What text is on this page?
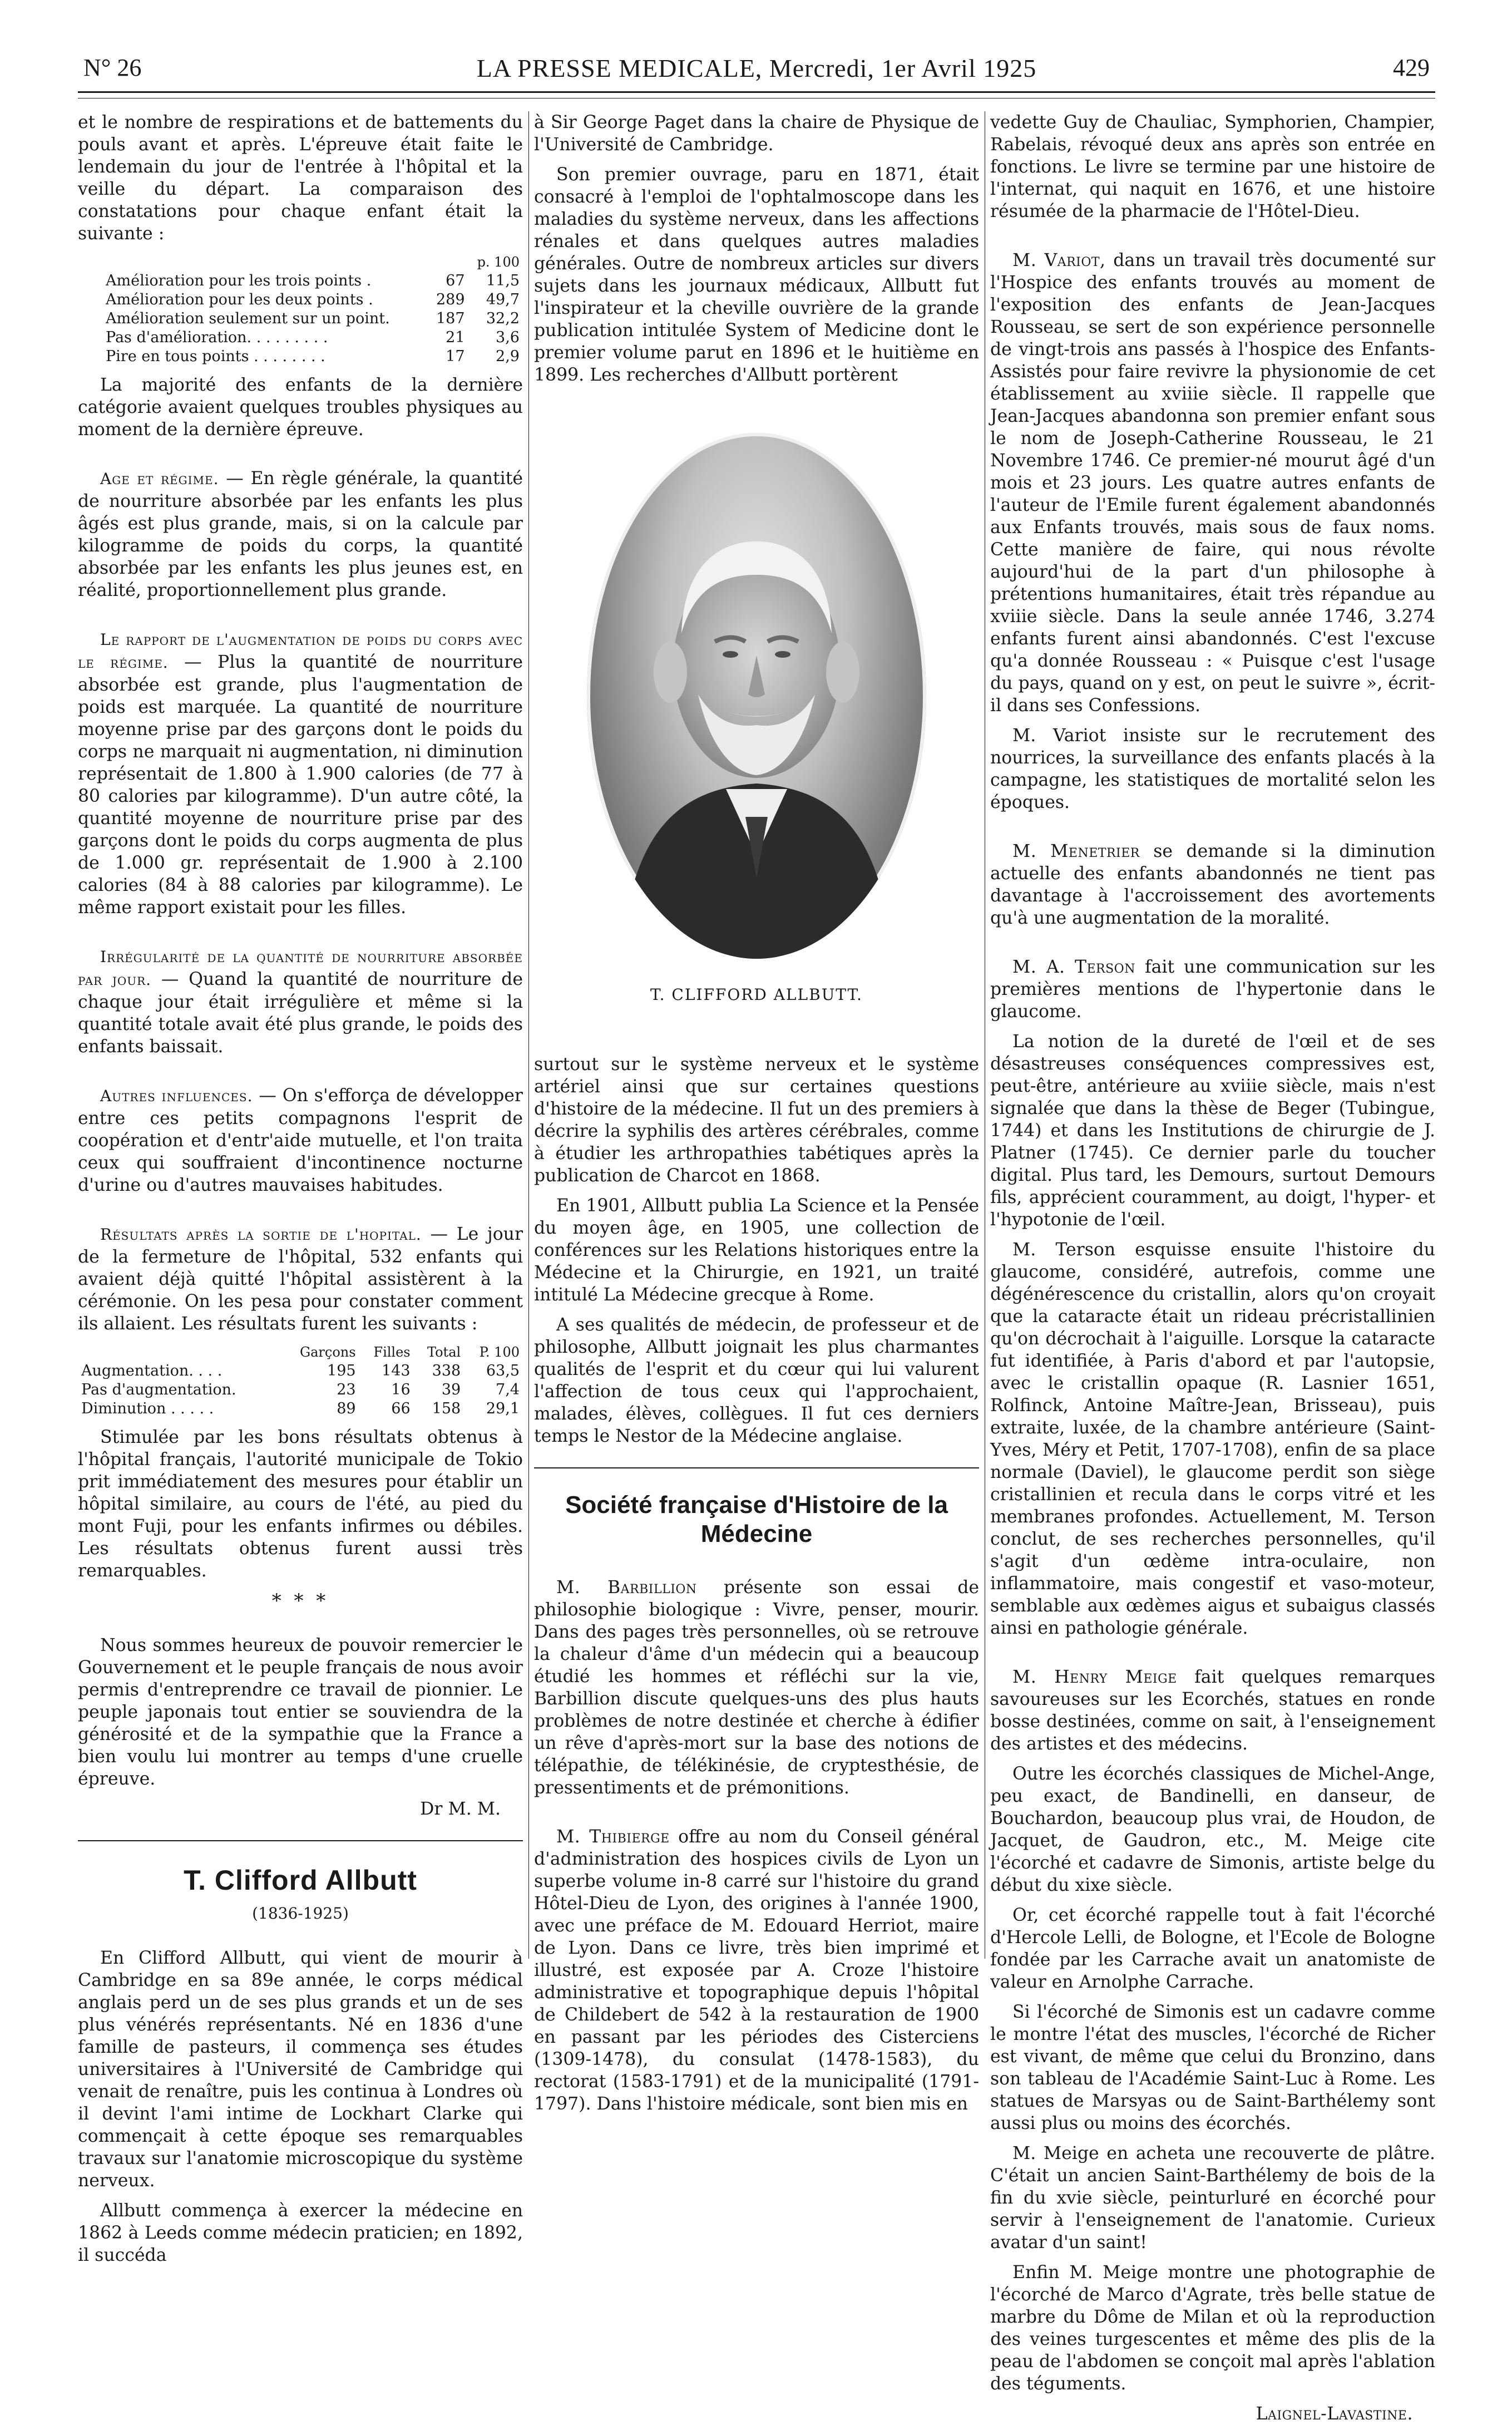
N° 26	LA PRESSE MEDICALE, Mercredi, 1er Avril 1925	429

et le nombre de respirations et de battements du pouls avant et après. L'épreuve était faite le lendemain du jour de l'entrée à l'hôpital et la veille du départ. La comparaison des constatations pour chaque enfant était la suivante :

		p. 100
Amélioration pour les trois points .	67	11,5
Amélioration pour les deux points .	289	49,7
Amélioration seulement sur un point.	187	32,2
Pas d'amélioration. . . . . . . . .	21	3,6
Pire en tous points . . . . . . . .	17	2,9

La majorité des enfants de la dernière catégorie avaient quelques troubles physiques au moment de la dernière épreuve.

Age et régime. — En règle générale, la quantité de nourriture absorbée par les enfants les plus âgés est plus grande, mais, si on la calcule par kilogramme de poids du corps, la quantité absorbée par les enfants les plus jeunes est, en réalité, proportionnellement plus grande.

Le rapport de l'augmentation de poids du corps avec le régime. — Plus la quantité de nourriture absorbée est grande, plus l'augmentation de poids est marquée. La quantité de nourriture moyenne prise par des garçons dont le poids du corps ne marquait ni augmentation, ni diminution représentait de 1.800 à 1.900 calories (de 77 à 80 calories par kilogramme). D'un autre côté, la quantité moyenne de nourriture prise par des garçons dont le poids du corps augmenta de plus de 1.000 gr. représentait de 1.900 à 2.100 calories (84 à 88 calories par kilogramme). Le même rapport existait pour les filles.

Irrégularité de la quantité de nourriture absorbée par jour. — Quand la quantité de nourriture de chaque jour était irrégulière et même si la quantité totale avait été plus grande, le poids des enfants baissait.

Autres influences. — On s'efforça de développer entre ces petits compagnons l'esprit de coopération et d'entr'aide mutuelle, et l'on traita ceux qui souffraient d'incontinence nocturne d'urine ou d'autres mauvaises habitudes.

Résultats après la sortie de l'hopital. — Le jour de la fermeture de l'hôpital, 532 enfants qui avaient déjà quitté l'hôpital assistèrent à la cérémonie. On les pesa pour constater comment ils allaient. Les résultats furent les suivants :

	Garçons	Filles	Total	P. 100
Augmentation. . . .	195	143	338	63,5
Pas d'augmentation.	23	16	39	7,4
Diminution . . . . .	89	66	158	29,1

Stimulée par les bons résultats obtenus à l'hôpital français, l'autorité municipale de Tokio prit immédiatement des mesures pour établir un hôpital similaire, au cours de l'été, au pied du mont Fuji, pour les enfants infirmes ou débiles. Les résultats obtenus furent aussi très remarquables.

* * *

Nous sommes heureux de pouvoir remercier le Gouvernement et le peuple français de nous avoir permis d'entreprendre ce travail de pionnier. Le peuple japonais tout entier se souviendra de la générosité et de la sympathie que la France a bien voulu lui montrer au temps d'une cruelle épreuve.

Dr M. M.
T. Clifford Allbutt
(1836-1925)

En Clifford Allbutt, qui vient de mourir à Cambridge en sa 89e année, le corps médical anglais perd un de ses plus grands et un de ses plus vénérés représentants. Né en 1836 d'une famille de pasteurs, il commença ses études universitaires à l'Université de Cambridge qui venait de renaître, puis les continua à Londres où il devint l'ami intime de Lockhart Clarke qui commençait à cette époque ses remarquables travaux sur l'anatomie microscopique du système nerveux.

Allbutt commença à exercer la médecine en 1862 à Leeds comme médecin praticien; en 1892, il succéda

à Sir George Paget dans la chaire de Physique de l'Université de Cambridge.

Son premier ouvrage, paru en 1871, était consacré à l'emploi de l'ophtalmoscope dans les maladies du système nerveux, dans les affections rénales et dans quelques autres maladies générales. Outre de nombreux articles sur divers sujets dans les journaux médicaux, Allbutt fut l'inspirateur et la cheville ouvrière de la grande publication intitulée System of Medicine dont le premier volume parut en 1896 et le huitième en 1899. Les recherches d'Allbutt portèrent

T. CLIFFORD ALLBUTT.

surtout sur le système nerveux et le système artériel ainsi que sur certaines questions d'histoire de la médecine. Il fut un des premiers à décrire la syphilis des artères cérébrales, comme à étudier les arthropathies tabétiques après la publication de Charcot en 1868.

En 1901, Allbutt publia La Science et la Pensée du moyen âge, en 1905, une collection de conférences sur les Relations historiques entre la Médecine et la Chirurgie, en 1921, un traité intitulé La Médecine grecque à Rome.

A ses qualités de médecin, de professeur et de philosophe, Allbutt joignait les plus charmantes qualités de l'esprit et du cœur qui lui valurent l'affection de tous ceux qui l'approchaient, malades, élèves, collègues. Il fut ces derniers temps le Nestor de la Médecine anglaise.

Société française d'Histoire de la Médecine

M. Barbillion présente son essai de philosophie biologique : Vivre, penser, mourir. Dans des pages très personnelles, où se retrouve la chaleur d'âme d'un médecin qui a beaucoup étudié les hommes et réfléchi sur la vie, Barbillion discute quelques-uns des plus hauts problèmes de notre destinée et cherche à édifier un rêve d'après-mort sur la base des notions de télépathie, de télékinésie, de cryptesthésie, de pressentiments et de prémonitions.

M. Thibierge offre au nom du Conseil général d'administration des hospices civils de Lyon un superbe volume in-8 carré sur l'histoire du grand Hôtel-Dieu de Lyon, des origines à l'année 1900, avec une préface de M. Edouard Herriot, maire de Lyon. Dans ce livre, très bien imprimé et illustré, est exposée par A. Croze l'histoire administrative et topographique depuis l'hôpital de Childebert de 542 à la restauration de 1900 en passant par les périodes des Cisterciens (1309-1478), du consulat (1478-1583), du rectorat (1583-1791) et de la municipalité (1791-1797). Dans l'histoire médicale, sont bien mis en

vedette Guy de Chauliac, Symphorien, Champier, Rabelais, révoqué deux ans après son entrée en fonctions. Le livre se termine par une histoire de l'internat, qui naquit en 1676, et une histoire résumée de la pharmacie de l'Hôtel-Dieu.

M. Variot, dans un travail très documenté sur l'Hospice des enfants trouvés au moment de l'exposition des enfants de Jean-Jacques Rousseau, se sert de son expérience personnelle de vingt-trois ans passés à l'hospice des Enfants-Assistés pour faire revivre la physionomie de cet établissement au xviiie siècle. Il rappelle que Jean-Jacques abandonna son premier enfant sous le nom de Joseph-Catherine Rousseau, le 21 Novembre 1746. Ce premier-né mourut âgé d'un mois et 23 jours. Les quatre autres enfants de l'auteur de l'Emile furent également abandonnés aux Enfants trouvés, mais sous de faux noms. Cette manière de faire, qui nous révolte aujourd'hui de la part d'un philosophe à prétentions humanitaires, était très répandue au xviiie siècle. Dans la seule année 1746, 3.274 enfants furent ainsi abandonnés. C'est l'excuse qu'a donnée Rousseau : « Puisque c'est l'usage du pays, quand on y est, on peut le suivre », écrit-il dans ses Confessions.

M. Variot insiste sur le recrutement des nourrices, la surveillance des enfants placés à la campagne, les statistiques de mortalité selon les époques.

M. Menetrier se demande si la diminution actuelle des enfants abandonnés ne tient pas davantage à l'accroissement des avortements qu'à une augmentation de la moralité.

M. A. Terson fait une communication sur les premières mentions de l'hypertonie dans le glaucome.

La notion de la dureté de l'œil et de ses désastreuses conséquences compressives est, peut-être, antérieure au xviiie siècle, mais n'est signalée que dans la thèse de Beger (Tubingue, 1744) et dans les Institutions de chirurgie de J. Platner (1745). Ce dernier parle du toucher digital. Plus tard, les Demours, surtout Demours fils, apprécient couramment, au doigt, l'hyper- et l'hypotonie de l'œil.

M. Terson esquisse ensuite l'histoire du glaucome, considéré, autrefois, comme une dégénérescence du cristallin, alors qu'on croyait que la cataracte était un rideau précristallinien qu'on décrochait à l'aiguille. Lorsque la cataracte fut identifiée, à Paris d'abord et par l'autopsie, avec le cristallin opaque (R. Lasnier 1651, Rolfinck, Antoine Maître-Jean, Brisseau), puis extraite, luxée, de la chambre antérieure (Saint-Yves, Méry et Petit, 1707-1708), enfin de sa place normale (Daviel), le glaucome perdit son siège cristallinien et recula dans le corps vitré et les membranes profondes. Actuellement, M. Terson conclut, de ses recherches personnelles, qu'il s'agit d'un œdème intra-oculaire, non inflammatoire, mais congestif et vaso-moteur, semblable aux œdèmes aigus et subaigus classés ainsi en pathologie générale.

M. Henry Meige fait quelques remarques savoureuses sur les Ecorchés, statues en ronde bosse destinées, comme on sait, à l'enseignement des artistes et des médecins.

Outre les écorchés classiques de Michel-Ange, peu exact, de Bandinelli, en danseur, de Bouchardon, beaucoup plus vrai, de Houdon, de Jacquet, de Gaudron, etc., M. Meige cite l'écorché et cadavre de Simonis, artiste belge du début du xixe siècle.

Or, cet écorché rappelle tout à fait l'écorché d'Hercole Lelli, de Bologne, et l'Ecole de Bologne fondée par les Carrache avait un anatomiste de valeur en Arnolphe Carrache.

Si l'écorché de Simonis est un cadavre comme le montre l'état des muscles, l'écorché de Richer est vivant, de même que celui du Bronzino, dans son tableau de l'Académie Saint-Luc à Rome. Les statues de Marsyas ou de Saint-Barthélemy sont aussi plus ou moins des écorchés.

M. Meige en acheta une recouverte de plâtre. C'était un ancien Saint-Barthélemy de bois de la fin du xvie siècle, peinturluré en écorché pour servir à l'enseignement de l'anatomie. Curieux avatar d'un saint!

Enfin M. Meige montre une photographie de l'écorché de Marco d'Agrate, très belle statue de marbre du Dôme de Milan et où la reproduction des veines turgescentes et même des plis de la peau de l'abdomen se conçoit mal après l'ablation des téguments.

Laignel-Lavastine.
